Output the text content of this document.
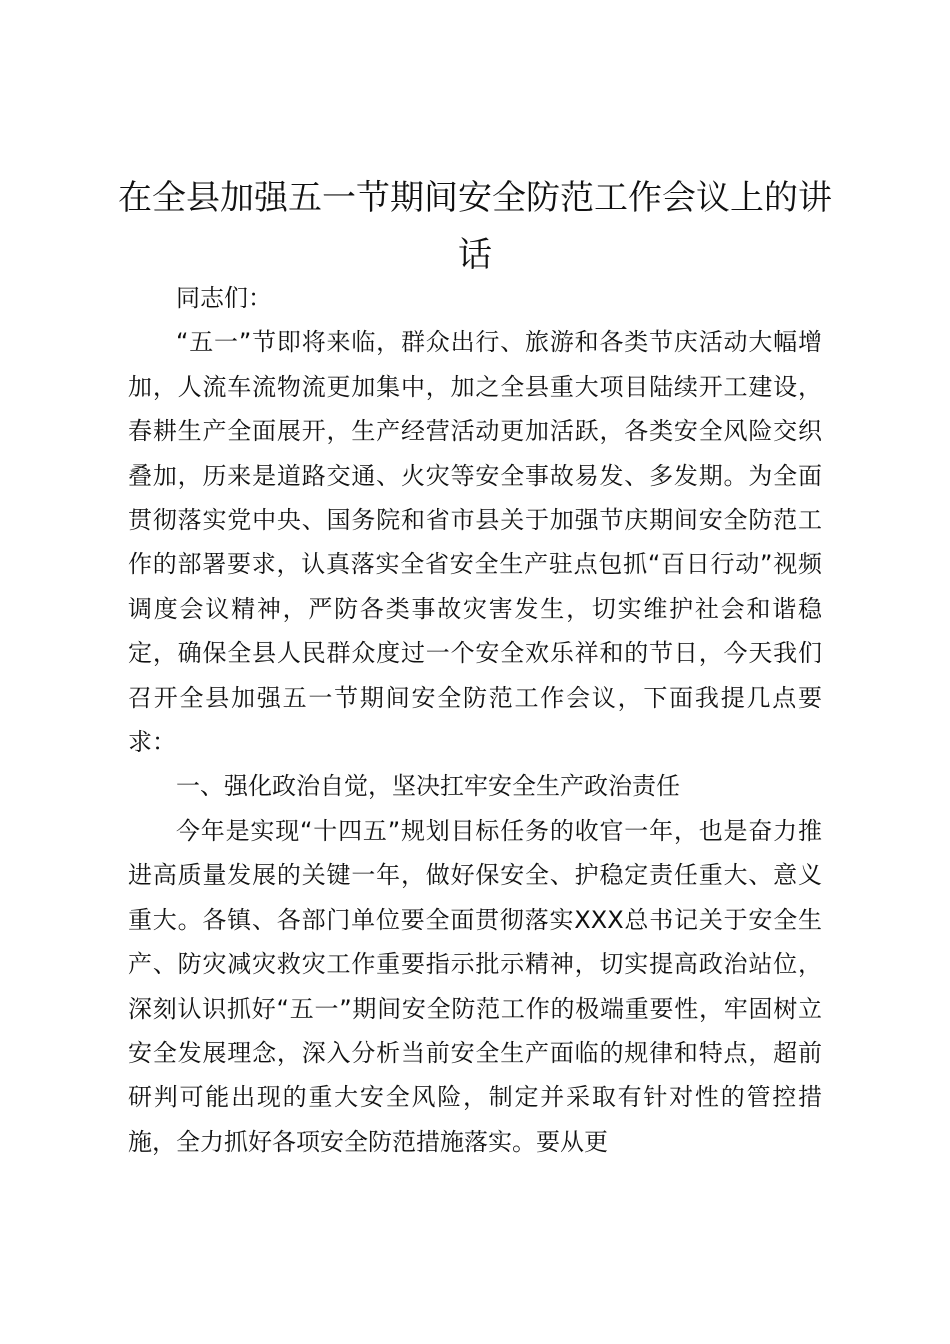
在全县加强五一节期间安全防范工作会议上的讲话

同志们：

“五一”节即将来临，群众出行、旅游和各类节庆活动大幅增加，人流车流物流更加集中，加之全县重大项目陆续开工建设，春耕生产全面展开，生产经营活动更加活跃，各类安全风险交织叠加，历来是道路交通、火灾等安全事故易发、多发期。为全面贯彻落实党中央、国务院和省市县关于加强节庆期间安全防范工作的部署要求，认真落实全省安全生产驻点包抓“百日行动”视频调度会议精神，严防各类事故灾害发生，切实维护社会和谐稳定，确保全县人民群众度过一个安全欢乐祥和的节日，今天我们召开全县加强五一节期间安全防范工作会议，下面我提几点要求：

一、强化政治自觉，坚决扛牢安全生产政治责任

今年是实现“十四五”规划目标任务的收官一年，也是奋力推进高质量发展的关键一年，做好保安全、护稳定责任重大、意义重大。各镇、各部门单位要全面贯彻落实XXX总书记关于安全生产、防灾减灾救灾工作重要指示批示精神，切实提高政治站位，深刻认识抓好“五一”期间安全防范工作的极端重要性，牢固树立安全发展理念，深入分析当前安全生产面临的规律和特点，超前研判可能出现的重大安全风险，制定并采取有针对性的管控措施，全力抓好各项安全防范措施落实。要从更
